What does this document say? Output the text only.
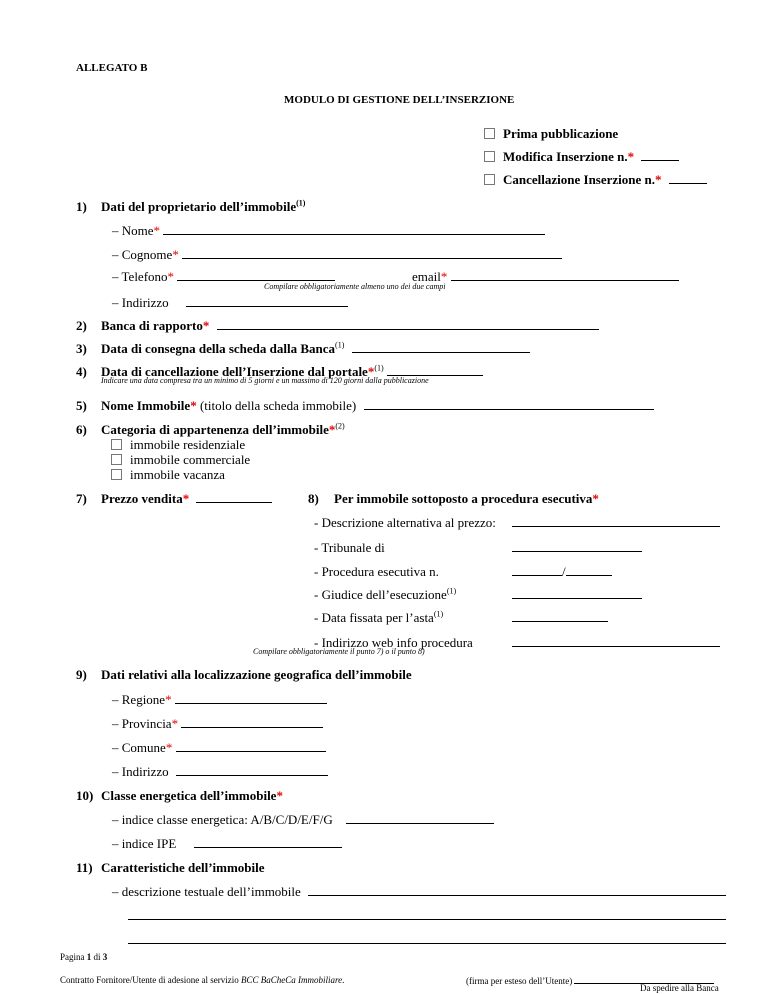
ALLEGATO B
MODULO DI GESTIONE DELL’INSERZIONE
Prima pubblicazione
Modifica Inserzione n.*
Cancellazione Inserzione n.*
1) Dati del proprietario dell’immobile$^{(1)}$
– Nome*
– Cognome*
– Telefono*	email*
Compilare obbligatoriamente almeno uno dei due campi
– Indirizzo
2) Banca di rapporto*
3) Data di consegna della scheda dalla Banca$^{(1)}$
4) Data di cancellazione dell’Inserzione dal portale*$^{(1)}$
Indicare una data compresa tra un minimo di 5 giorni e un massimo di 120 giorni dalla pubblicazione
5) Nome Immobile* (titolo della scheda immobile)
6) Categoria di appartenenza dell’immobile*$^{(2)}$
immobile residenziale
immobile commerciale
immobile vacanza
7) Prezzo vendita*	8) Per immobile sottoposto a procedura esecutiva*
- Descrizione alternativa al prezzo:
- Tribunale di
- Procedura esecutiva n.	/
- Giudice dell’esecuzione$^{(1)}$
- Data fissata per l’asta$^{(1)}$
- Indirizzo web info procedura
Compilare obbligatoriamente il punto 7) o il punto 8)
9) Dati relativi alla localizzazione geografica dell’immobile
– Regione*
– Provincia*
– Comune*
– Indirizzo
10) Classe energetica dell’immobile*
– indice classe energetica: A/B/C/D/E/F/G
– indice IPE
11) Caratteristiche dell’immobile
– descrizione testuale dell’immobile
Pagina 1 di 3
Contratto Fornitore/Utente di adesione al servizio BCC BaCheCa Immobiliare.	(firma per esteso dell’Utente)
Da spedire alla Banca
